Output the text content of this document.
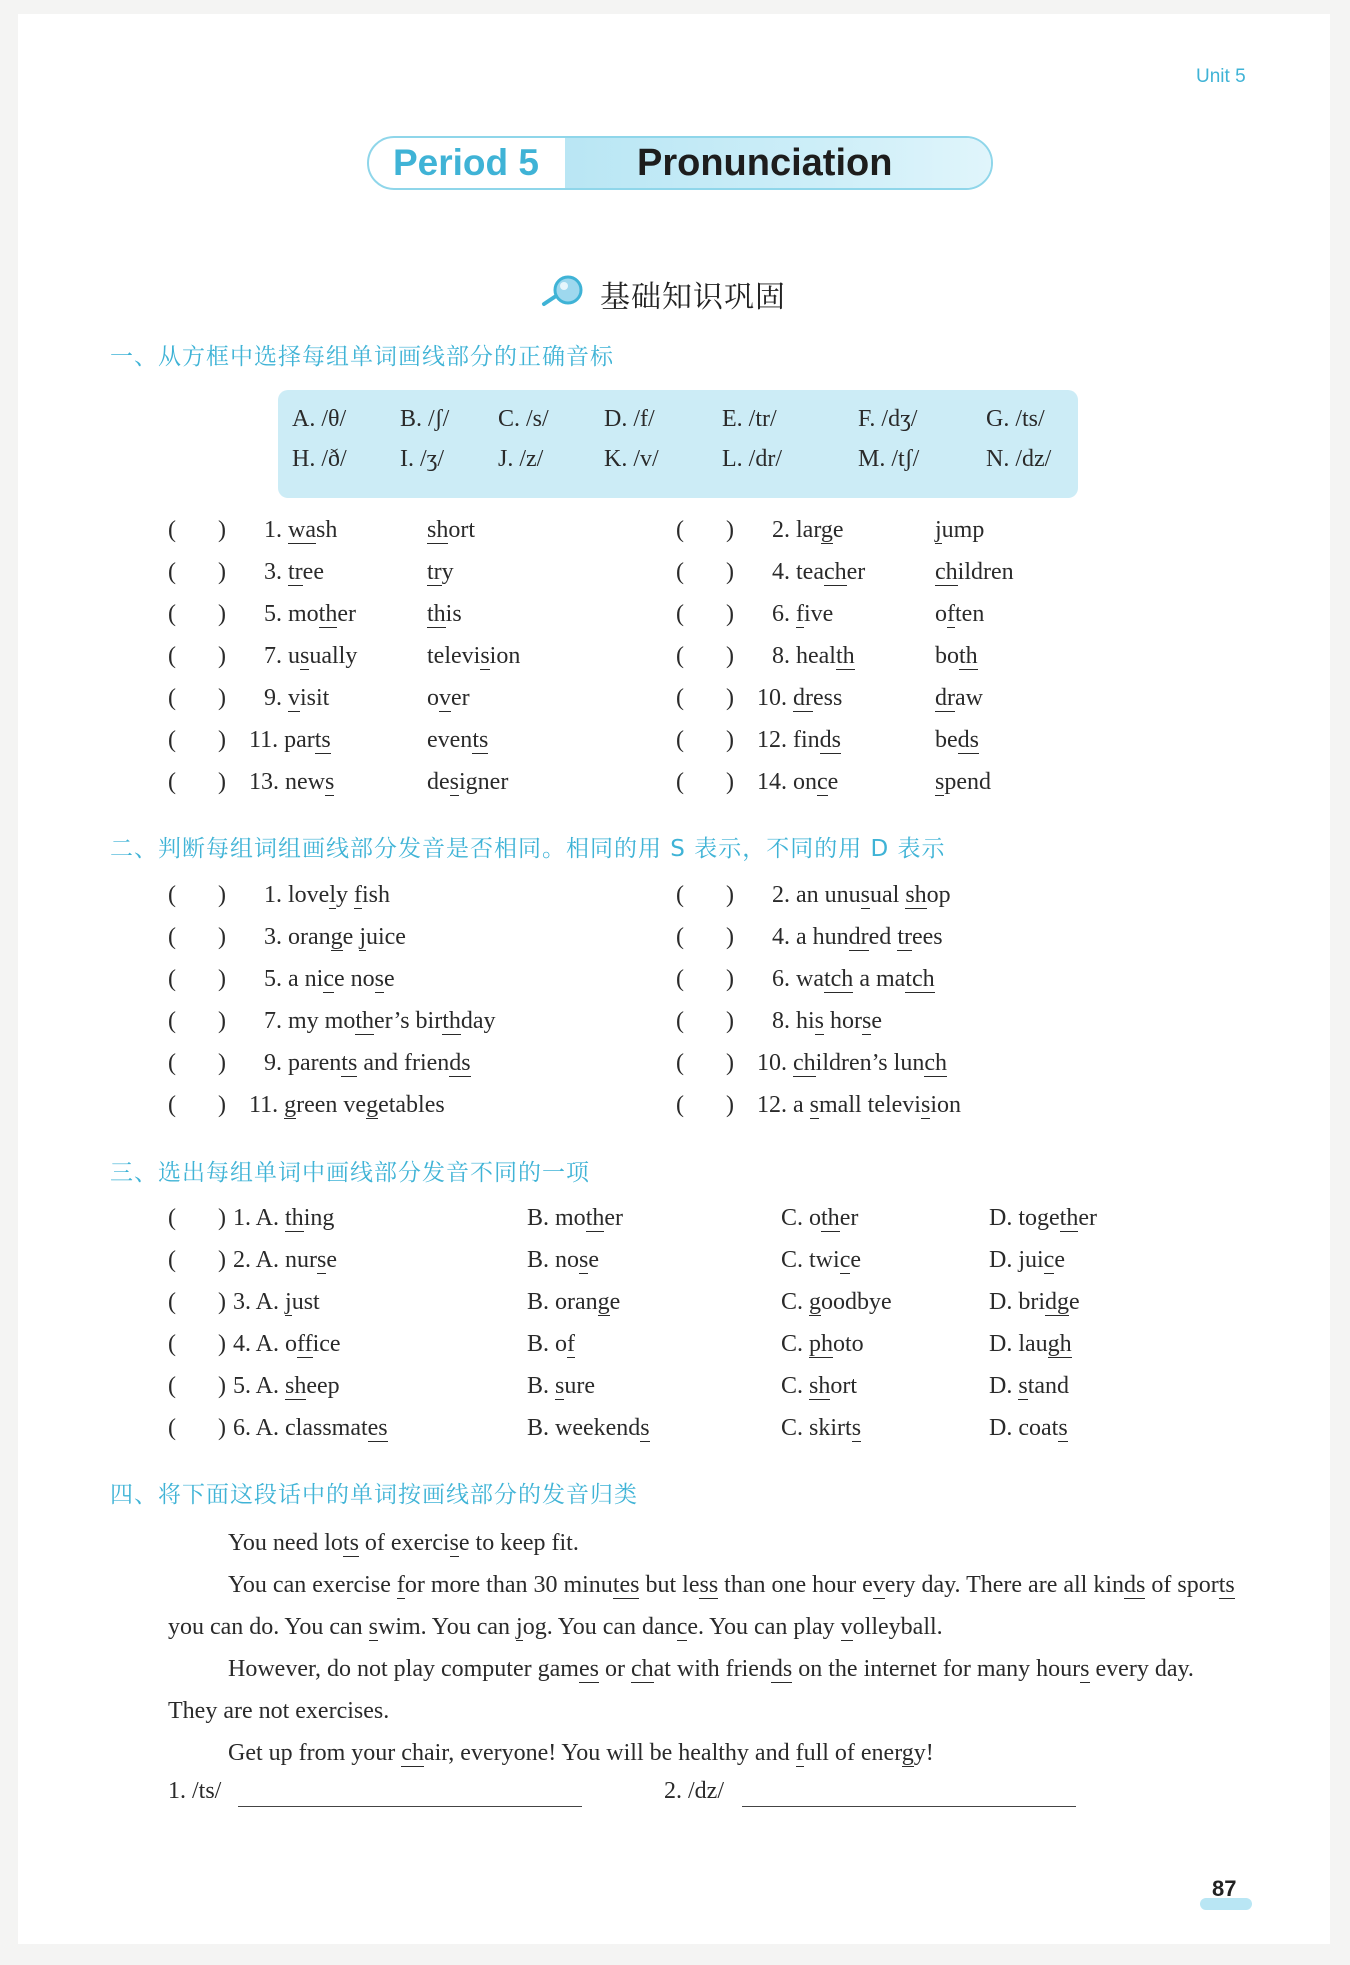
Unit 5
Period 5	Pronunciation
基础知识巩固
一、从方框中选择每组单词画线部分的正确音标
A. /θ/ B. /ʃ/ C. /s/ D. /f/	E. /tr/	F. /dʒ/	G. /ts/
H. /ð/ I. /ʒ/ J. /z/	K. /v/	L. /dr/	M. /tʃ/	N. /dz/
(       ) 1. wash	short	(       ) 2. large	jump
(       ) 3. tree	try	(       ) 4. teacher	children
(       ) 5. mother	this	(       ) 6. five	often
(       ) 7. usually	television	(       ) 8. health	both
(       ) 9. visit	over	(       ) 10. dress	draw
(       ) 11. parts	events	(       ) 12. finds	beds
(       ) 13. news	designer	(       ) 14. once	spend
二、判断每组词组画线部分发音是否相同。相同的用 S 表示，不同的用 D 表示
(       ) 1. lovely fish	(       ) 2. an unusual shop
(       ) 3. orange juice	(       ) 4. a hundred trees
(       ) 5. a nice nose	(       ) 6. watch a match
(       ) 7. my mother’s birthday	(       ) 8. his horse
(       ) 9. parents and friends	(       ) 10. children’s lunch
(       ) 11. green vegetables	(       ) 12. a small television
三、选出每组单词中画线部分发音不同的一项
(       ) 1. A. thing	B. mother	C. other	D. together
(       ) 2. A. nurse	B. nose	C. twice	D. juice
(       ) 3. A. just	B. orange	C. goodbye	D. bridge
(       ) 4. A. office	B. of	C. photo	D. laugh
(       ) 5. A. sheep	B. sure	C. short	D. stand
(       ) 6. A. classmates	B. weekends	C. skirts	D. coats
四、将下面这段话中的单词按画线部分的发音归类
You need lots of exercise to keep fit.
You can exercise for more than 30 minutes but less than one hour every day. There are all kinds of sports you can do. You can swim. You can jog. You can dance. You can play volleyball.
However, do not play computer games or chat with friends on the internet for many hours every day. They are not exercises.
Get up from your chair, everyone! You will be healthy and full of energy!
1. /ts/	2. /dz/
87
